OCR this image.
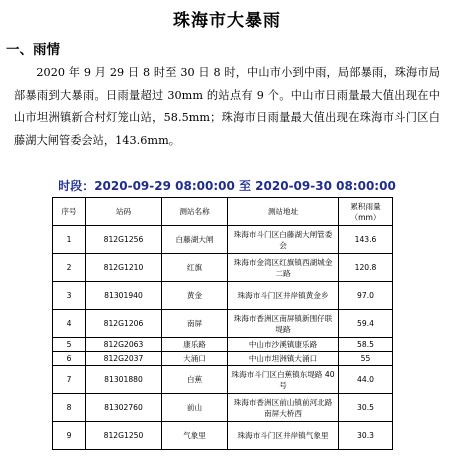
珠海市大暴雨
一、雨情
2020 年 9 月 29 日 8 时至 30 日 8 时，中山市小到中雨，局部暴雨，珠海市局部暴雨到大暴雨。日雨量超过 30mm 的站点有 9 个。中山市日雨量最大值出现在中山市坦洲镇新合村灯笼山站，58.5mm；珠海市日雨量最大值出现在珠海市斗门区白藤湖大闸管委会站，143.6mm。
时段：2020-09-29 08:00:00 至 2020-09-30 08:00:00
序号	站码	测站名称	测站地址	累积雨量（mm）
1	812G1256	白藤湖大闸	珠海市斗门区白藤湖大闸管委会	143.6
2	812G1210	红旗	珠海市金湾区红旗镇西湖城金二路	120.8
3	81301940	黄金	珠海市斗门区井岸镇黄金乡	97.0
4	812G1206	南屏	珠海市香洲区南屏镇新围仔联堤路	59.4
5	812G2063	康乐路	中山市沙溪镇康乐路	58.5
6	812G2037	大涌口	中山市坦洲镇大涌口	55
7	81301880	白蕉	珠海市斗门区白蕉镇东堤路 40 号	44.0
8	81302760	前山	珠海市香洲区前山镇前河北路南屏大桥西	30.5
9	812G1250	气象里	珠海市斗门区井岸镇气象里	30.3
